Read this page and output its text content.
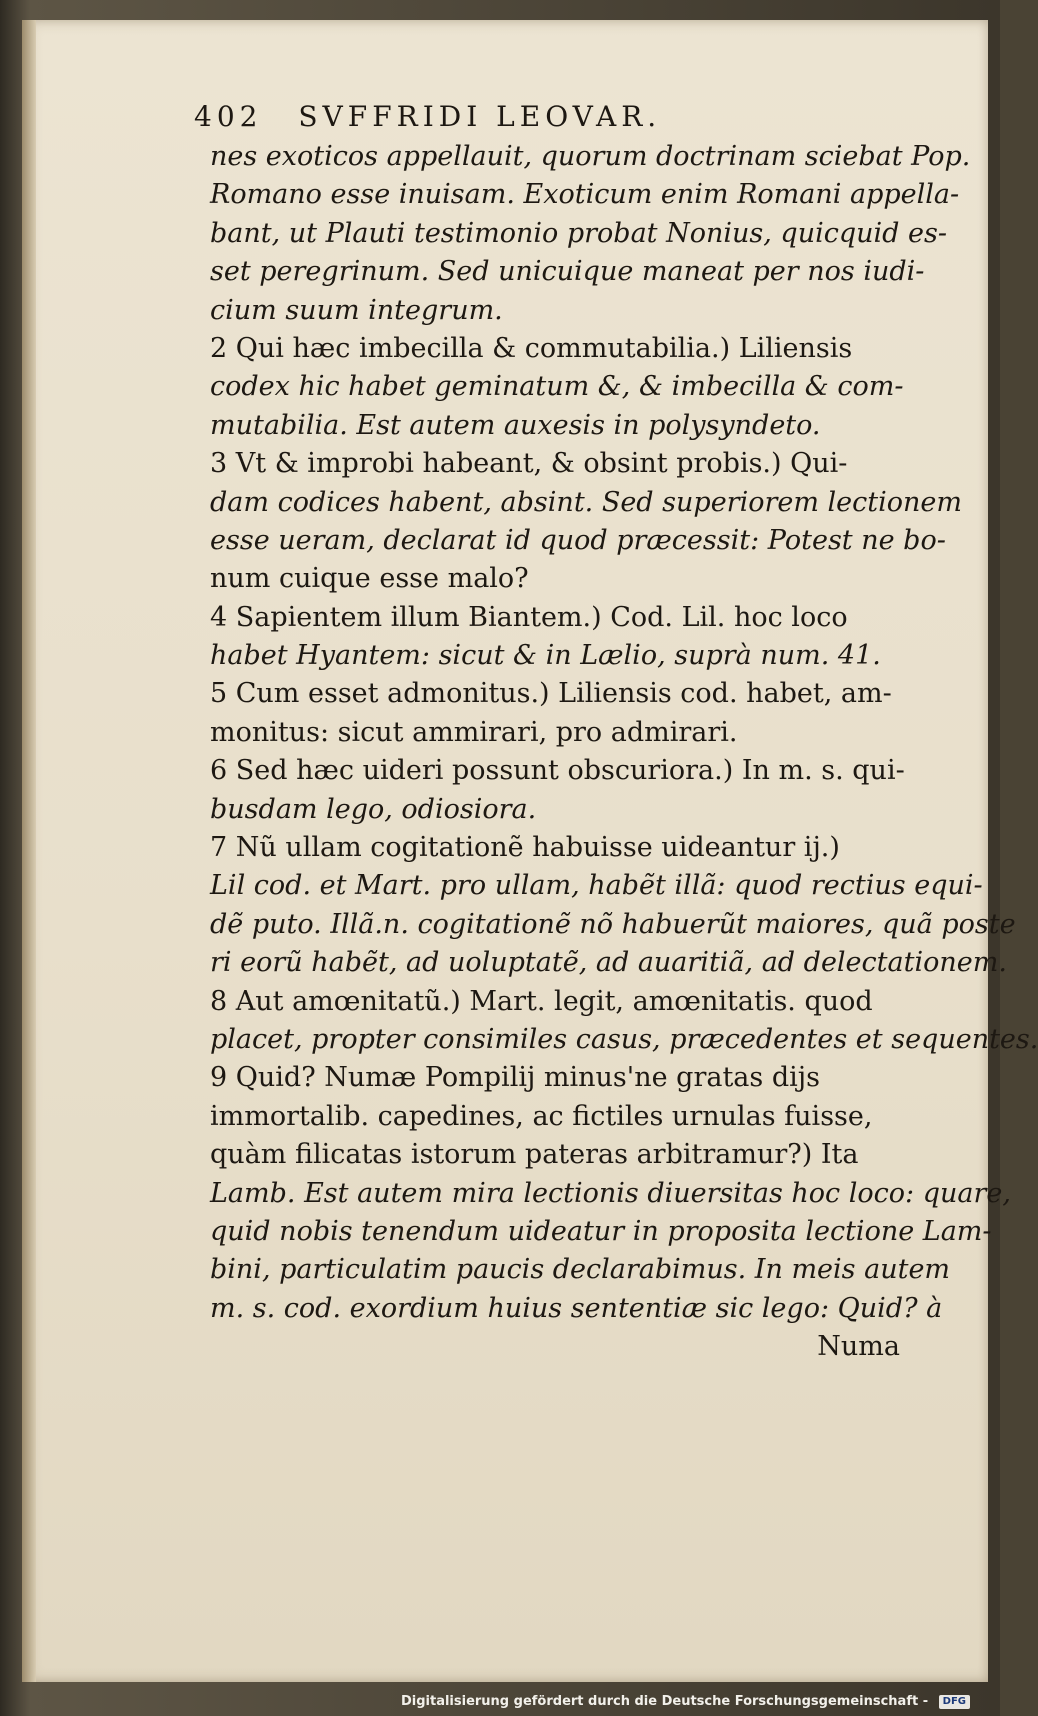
402 SVFFRIDI LEOVAR.
nes exoticos appellauit, quorum doctrinam sciebat Pop.
Romano esse inuisam. Exoticum enim Romani appella-
bant, ut Plauti testimonio probat Nonius, quicquid es-
set peregrinum. Sed unicuique maneat per nos iudi-
cium suum integrum.
2 Qui hæc imbecilla & commutabilia.) Liliensis
codex hic habet geminatum &, & imbecilla & com-
mutabilia. Est autem auxesis in polysyndeto.
3 Vt & improbi habeant, & obsint probis.) Qui-
dam codices habent, absint. Sed superiorem lectionem
esse ueram, declarat id quod præcessit: Potest ne bo-
num cuique esse malo?
4 Sapientem illum Biantem.) Cod. Lil. hoc loco
habet Hyantem: sicut & in Lælio, suprà num. 41.
5 Cum esset admonitus.) Liliensis cod. habet, am-
monitus: sicut ammirari, pro admirari.
6 Sed hæc uideri possunt obscuriora.) In m. s. qui-
busdam lego, odiosiora.
7 Nũ ullam cogitationẽ habuisse uideantur ij.)
Lil cod. et Mart. pro ullam, habẽt illã: quod rectius equi-
dẽ puto. Illã.n. cogitationẽ nõ habuerũt maiores, quã poste
ri eorũ habẽt, ad uoluptatẽ, ad auaritiã, ad delectationem.
8 Aut amœnitatũ.) Mart. legit, amœnitatis. quod
placet, propter consimiles casus, præcedentes et sequentes.
9 Quid? Numæ Pompilij minus'ne gratas dijs
immortalib. capedines, ac fictiles urnulas fuisse,
quàm filicatas istorum pateras arbitramur?) Ita
Lamb. Est autem mira lectionis diuersitas hoc loco: quare,
quid nobis tenendum uideatur in proposita lectione Lam-
bini, particulatim paucis declarabimus. In meis autem
m. s. cod. exordium huius sententiæ sic lego: Quid? à
Numa
Digitalisierung gefördert durch die Deutsche Forschungsgemeinschaft - DFG
